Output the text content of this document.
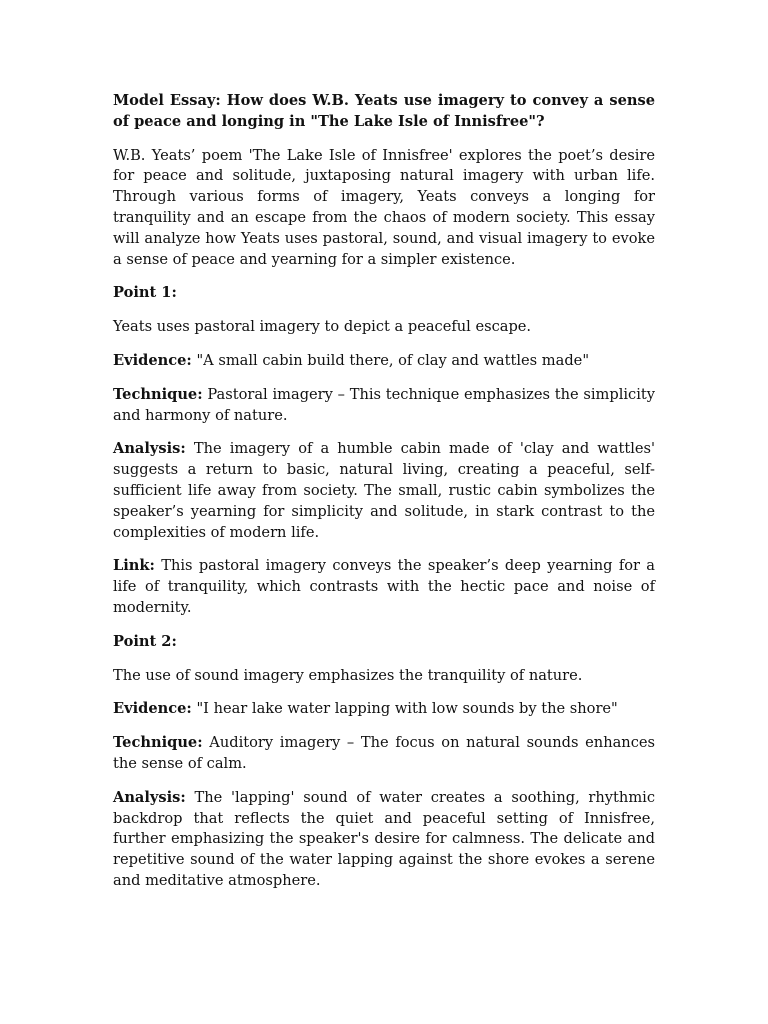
Model Essay: How does W.B. Yeats use imagery to convey a sense of peace and longing in "The Lake Isle of Innisfree"?

W.B. Yeats’ poem 'The Lake Isle of Innisfree' explores the poet’s desire for peace and solitude, juxtaposing natural imagery with urban life. Through various forms of imagery, Yeats conveys a longing for tranquility and an escape from the chaos of modern society. This essay will analyze how Yeats uses pastoral, sound, and visual imagery to evoke a sense of peace and yearning for a simpler existence.

Point 1:

Yeats uses pastoral imagery to depict a peaceful escape.

Evidence: "A small cabin build there, of clay and wattles made"

Technique: Pastoral imagery – This technique emphasizes the simplicity and harmony of nature.

Analysis: The imagery of a humble cabin made of 'clay and wattles' suggests a return to basic, natural living, creating a peaceful, self-sufficient life away from society. The small, rustic cabin symbolizes the speaker’s yearning for simplicity and solitude, in stark contrast to the complexities of modern life.

Link: This pastoral imagery conveys the speaker’s deep yearning for a life of tranquility, which contrasts with the hectic pace and noise of modernity.

Point 2:

The use of sound imagery emphasizes the tranquility of nature.

Evidence: "I hear lake water lapping with low sounds by the shore"

Technique: Auditory imagery – The focus on natural sounds enhances the sense of calm.

Analysis: The 'lapping' sound of water creates a soothing, rhythmic backdrop that reflects the quiet and peaceful setting of Innisfree, further emphasizing the speaker's desire for calmness. The delicate and repetitive sound of the water lapping against the shore evokes a serene and meditative atmosphere.
